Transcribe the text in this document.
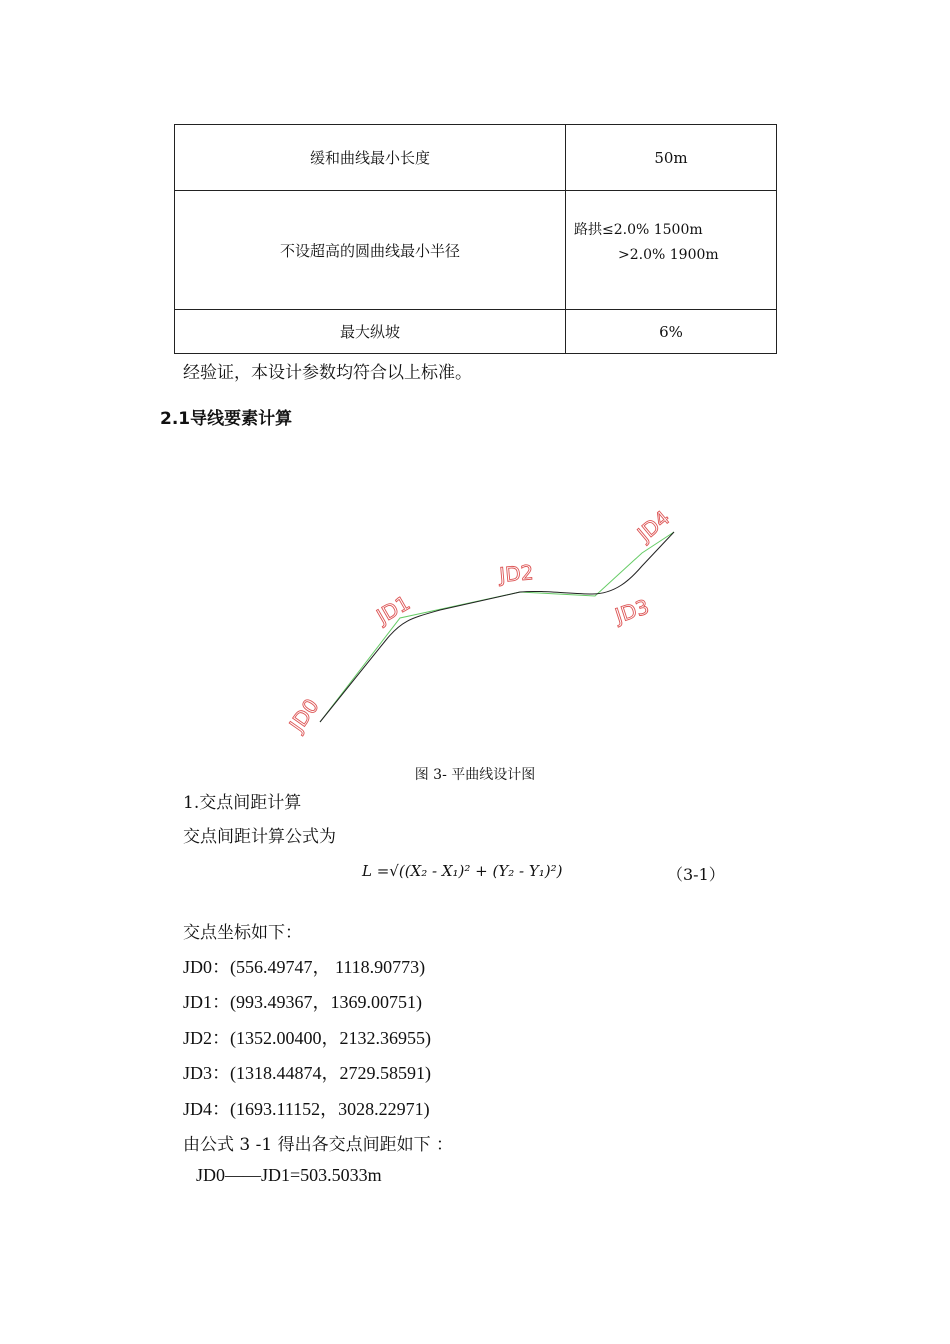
缓和曲线最小长度	50m
不设超高的圆曲线最小半径	路拱≤2.0% 1500m
>2.0% 1900m

最大纵坡	6%
经验证，本设计参数均符合以上标准。
2.1导线要素计算
JD0
JD1
JD2
JD3
JD4
图 3- 平曲线设计图
1.交点间距计算
交点间距计算公式为
L =√((X₂ - X₁)² + (Y₂ - Y₁)²)	（3-1）
交点坐标如下：
JD0：(556.49747， 1118.90773)
JD1：(993.49367，1369.00751)
JD2：(1352.00400，2132.36955)
JD3：(1318.44874，2729.58591)
JD4：(1693.11152，3028.22971)
由公式 3 -1 得出各交点间距如下 ：
JD0——JD1=503.5033m
